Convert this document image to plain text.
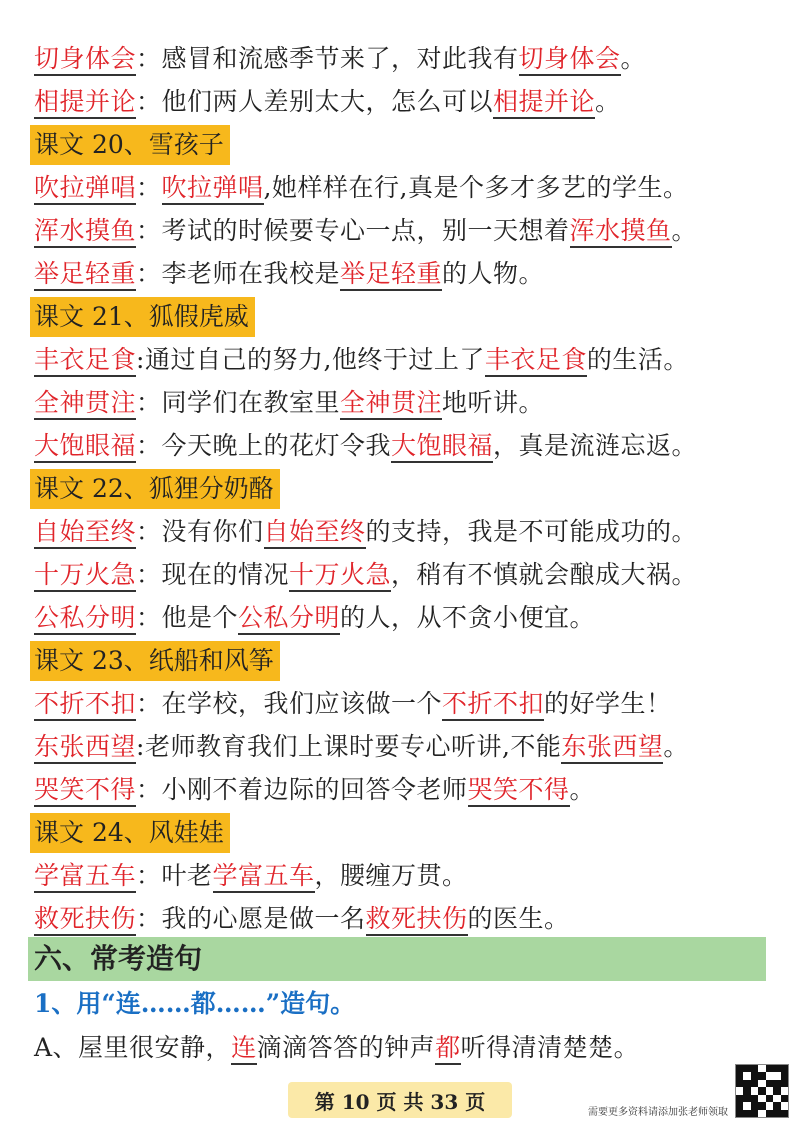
切身体会：感冒和流感季节来了，对此我有切身体会。
相提并论：他们两人差别太大，怎么可以相提并论。
课文 20、雪孩子
吹拉弹唱：吹拉弹唱,她样样在行,真是个多才多艺的学生。
浑水摸鱼：考试的时候要专心一点，别一天想着浑水摸鱼。
举足轻重：李老师在我校是举足轻重的人物。
课文 21、狐假虎威
丰衣足食:通过自己的努力,他终于过上了丰衣足食的生活。
全神贯注：同学们在教室里全神贯注地听讲。
大饱眼福：今天晚上的花灯令我大饱眼福，真是流涟忘返。
课文 22、狐狸分奶酪
自始至终：没有你们自始至终的支持，我是不可能成功的。
十万火急：现在的情况十万火急，稍有不慎就会酿成大祸。
公私分明：他是个公私分明的人，从不贪小便宜。
课文 23、纸船和风筝
不折不扣：在学校，我们应该做一个不折不扣的好学生！
东张西望:老师教育我们上课时要专心听讲,不能东张西望。
哭笑不得：小刚不着边际的回答令老师哭笑不得。
课文 24、风娃娃
学富五车：叶老学富五车，腰缠万贯。
救死扶伤：我的心愿是做一名救死扶伤的医生。
六、常考造句
1、用“连……都……”造句。
A、屋里很安静，连滴滴答答的钟声都听得清清楚楚。
第 10 页 共 33 页	需要更多资料请添加张老师领取
